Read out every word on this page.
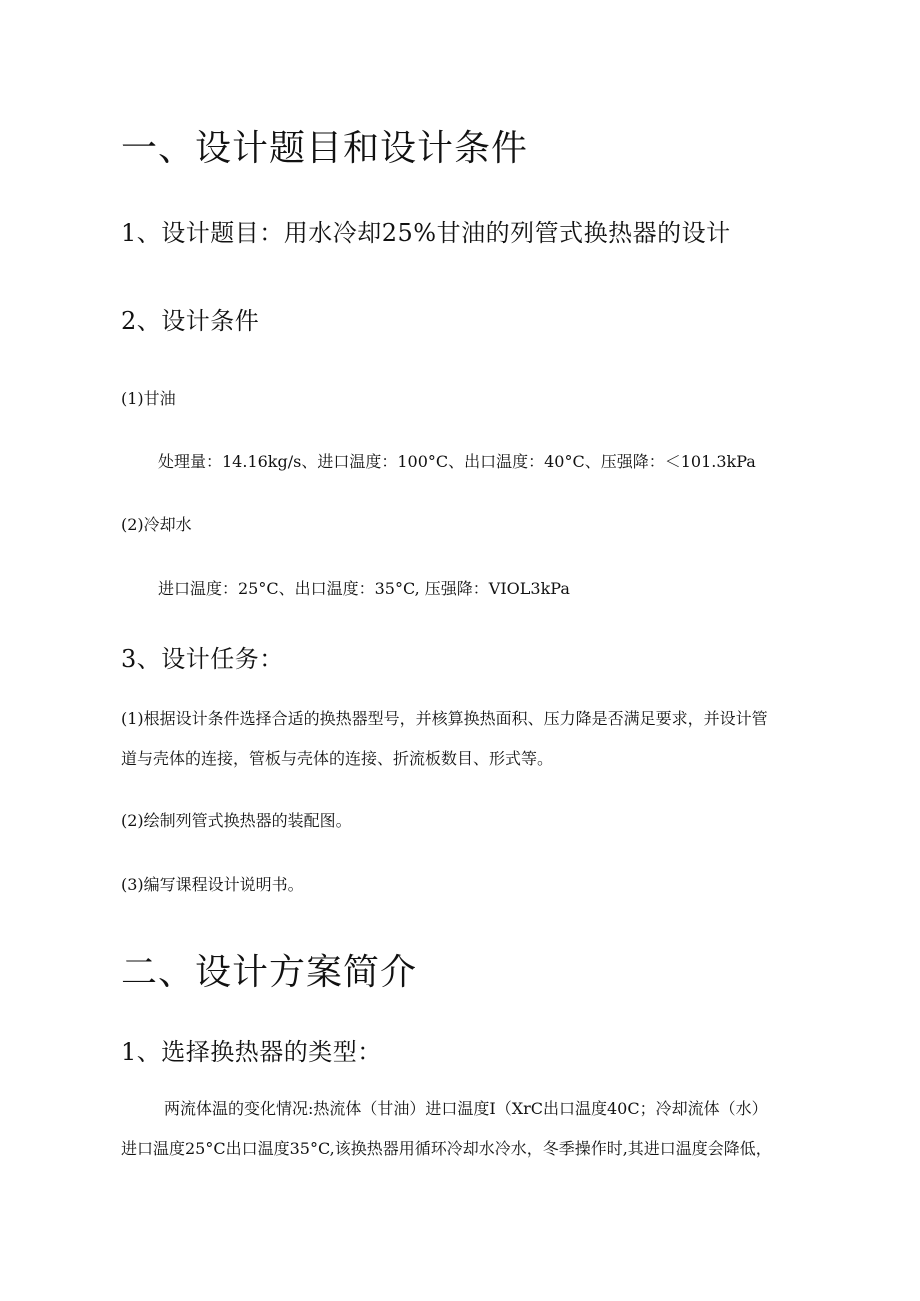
一、设计题目和设计条件
1、设计题目：用水冷却25%甘油的列管式换热器的设计
2、设计条件

(1)甘油

处理量：14.16kg/s、进口温度：100°C、出口温度：40°C、压强降：＜101.3kPa

(2)冷却水

进口温度：25°C、出口温度：35°C, 压强降：VIOL3kPa

3、设计任务：

(1)根据设计条件选择合适的换热器型号，并核算换热面积、压力降是否满足要求，并设计管

道与壳体的连接，管板与壳体的连接、折流板数目、形式等。

(2)绘制列管式换热器的装配图。

(3)编写课程设计说明书。

二、设计方案简介
1、选择换热器的类型：

两流体温的变化情况:热流体（甘油）进口温度I（XrC出口温度40C；冷却流体（水）

进口温度25°C出口温度35°C,该换热器用循环冷却水冷水，冬季操作时,其进口温度会降低，
